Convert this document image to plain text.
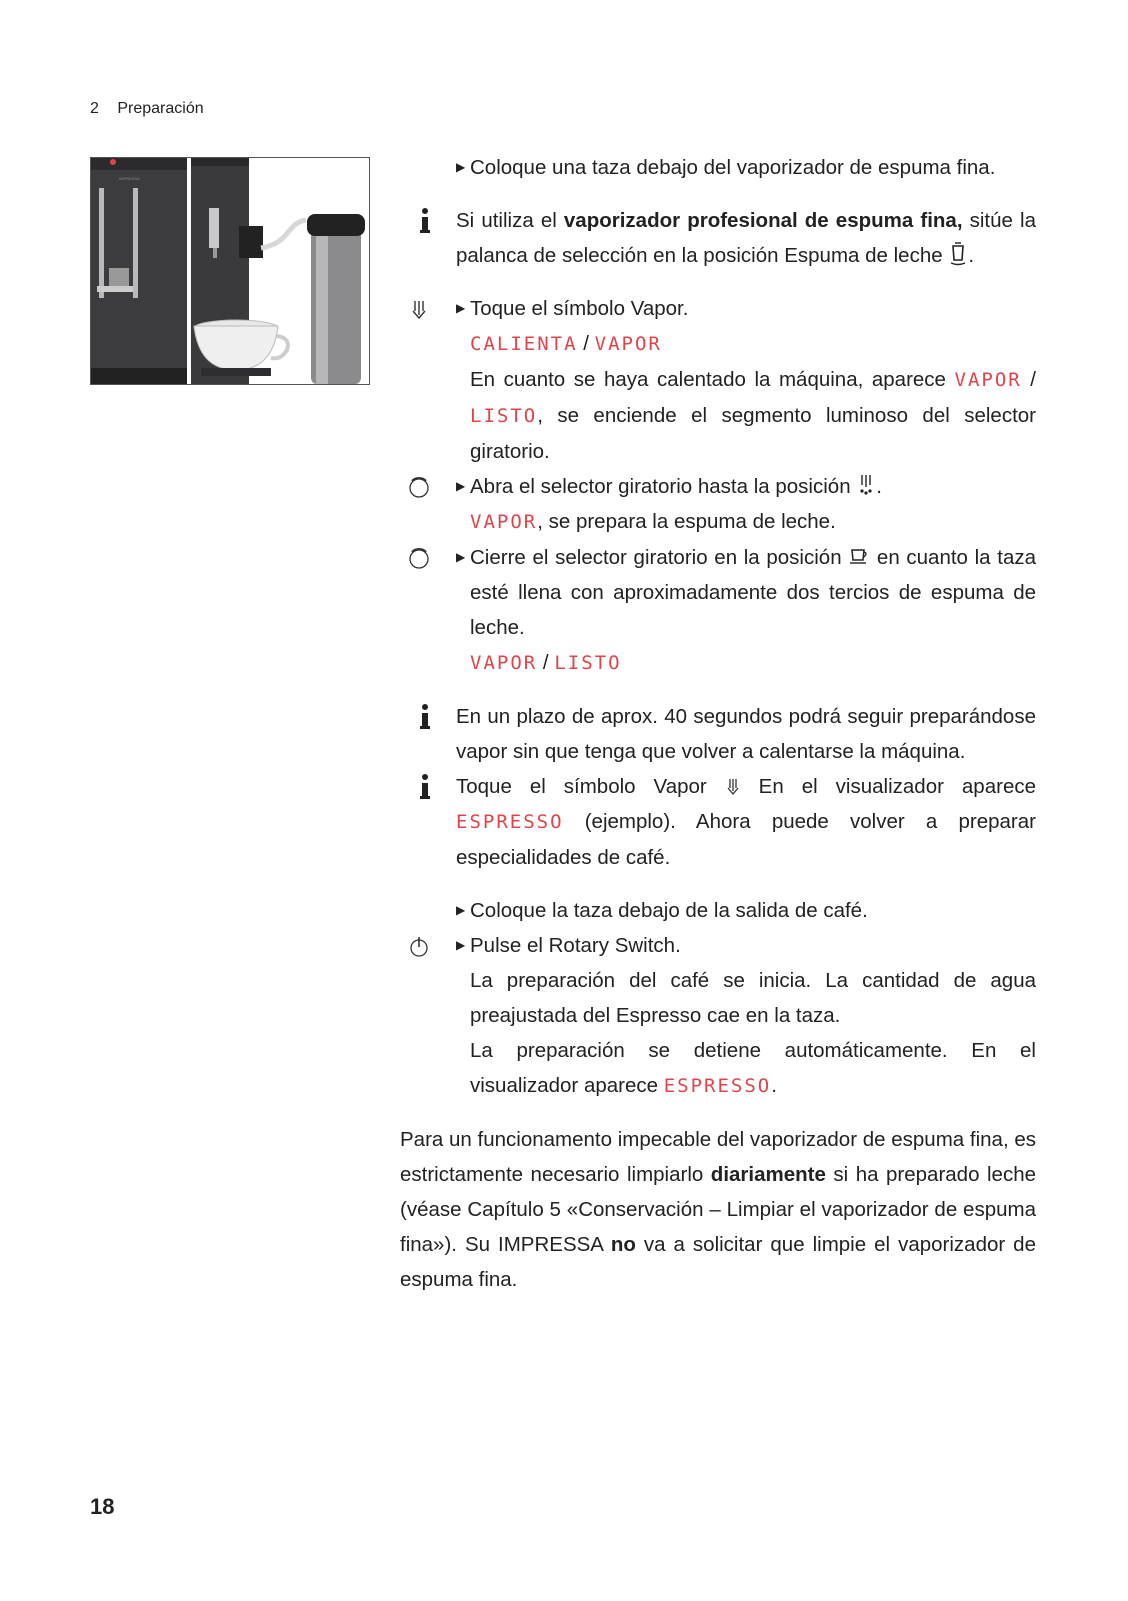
2 Preparación
IMPRESSA
▶ Coloque una taza debajo del vaporizador de espuma fina.
Si utiliza el vaporizador profesional de espuma fina, sitúe la palanca de selección en la posición Espuma de leche .
▶ Toque el símbolo Vapor.
CALIENTA / VAPOR
En cuanto se haya calentado la máquina, aparece VAPOR / LISTO, se enciende el segmento luminoso del selector giratorio.
▶ Abra el selector giratorio hasta la posición .
VAPOR, se prepara la espuma de leche.
▶ Cierre el selector giratorio en la posición  en cuanto la taza esté llena con aproximadamente dos tercios de espuma de leche.
VAPOR / LISTO
En un plazo de aprox. 40 segundos podrá seguir preparándose vapor sin que tenga que volver a calentarse la máquina.
Toque el símbolo Vapor  En el visualizador aparece ESPRESSO (ejemplo). Ahora puede volver a preparar especialidades de café.
▶ Coloque la taza debajo de la salida de café.
▶ Pulse el Rotary Switch.
La preparación del café se inicia. La cantidad de agua preajustada del Espresso cae en la taza.
La preparación se detiene automáticamente. En el visualizador aparece ESPRESSO.
Para un funcionamento impecable del vaporizador de espuma fina, es estrictamente necesario limpiarlo diariamente si ha preparado leche (véase Capítulo 5 «Conservación – Limpiar el vaporizador de espuma fina»). Su IMPRESSA no va a solicitar que limpie el vaporizador de espuma fina.
18
